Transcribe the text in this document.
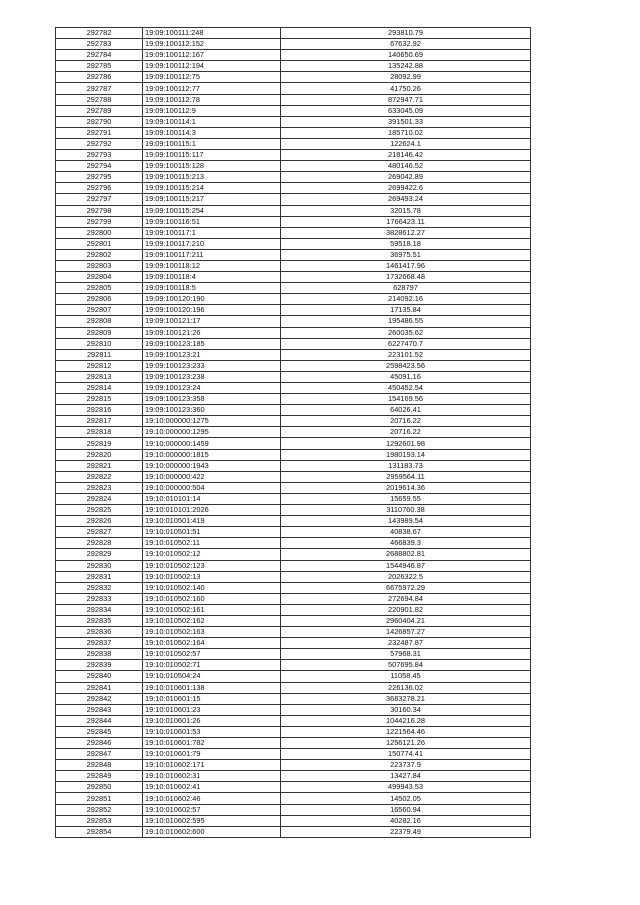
292782	19:09:100111:248	293810.79
292783	19:09:100112:152	67632.92
292784	19:09:100112:167	140650.69
292785	19:09:100112:194	135242.88
292786	19:09:100112:75	28092.99
292787	19:09:100112:77	41750.26
292788	19:09:100112:78	872947.71
292789	19:09:100112:9	633045.09
292790	19:09:100114:1	391501.33
292791	19:09:100114:3	185710.02
292792	19:09:100115:1	122624.1
292793	19:09:100115:117	218146.42
292794	19:09:100115:128	480146.52
292795	19:09:100115:213	269042.89
292796	19:09:100115:214	2699422.6
292797	19:09:100115:217	269493.24
292798	19:09:100115:254	32015.78
292799	19:09:100116:51	1766423.11
292800	19:09:100117:1	3828612.27
292801	19:09:100117:210	59518.18
292802	19:09:100117:211	36975.51
292803	19:09:100118:12	1461417.96
292804	19:09:100118:4	1732668.48
292805	19:09:100118:5	628797
292806	19:09:100120:190	214092.16
292807	19:09:100120:196	17135.84
292808	19:09:100121:17	195486.55
292809	19:09:100121:26	260035.62
292810	19:09:100123:185	6227470.7
292811	19:09:100123:21	223101.52
292812	19:09:100123:233	2598423.56
292813	19:09:100123:238	45091.16
292814	19:09:100123:24	450452.54
292815	19:09:100123:358	154169.56
292816	19:09:100123:360	64026.41
292817	19:10:000000:1275	20716.22
292818	19:10:000000:1295	20716.22
292819	19:10:000000:1459	1292601.98
292820	19:10:000000:1815	1980193.14
292821	19:10:000000:1943	131183.73
292822	19:10:000000:422	2959564.11
292823	19:10:000000:504	2019614.36
292824	19:10:010101:14	15659.55
292825	19:10:010101:2026	3110760.38
292826	19:10:010501:419	143989.54
292827	19:10:010501:51	40838.67
292828	19:10:010502:11	466839.3
292829	19:10:010502:12	2688802.81
292830	19:10:010502:123	1544946.87
292831	19:10:010502:13	2026322.5
292832	19:10:010502:140	6675972.29
292833	19:10:010502:160	272694.84
292834	19:10:010502:161	220901.82
292835	19:10:010502:162	2960404.21
292836	19:10:010502:163	1426857.27
292837	19:10:010502:164	232487.87
292838	19:10:010502:57	57968.31
292839	19:10:010502:71	507695.84
292840	19:10:010504:24	11058.45
292841	19:10:010601:138	226136.02
292842	19:10:010601:15	3683278.21
292843	19:10:010601:23	30160.34
292844	19:10:010601:26	1044216.28
292845	19:10:010601:53	1221564.46
292846	19:10:010601:782	1256121.26
292847	19:10:010601:79	150774.41
292848	19:10:010602:171	223737.9
292849	19:10:010602:31	13427.84
292850	19:10:010602:41	499943.53
292851	19:10:010602:46	14502.05
292852	19:10:010602:57	16560.94
292853	19:10:010602:595	40282.16
292854	19:10:010602:600	22379.49
